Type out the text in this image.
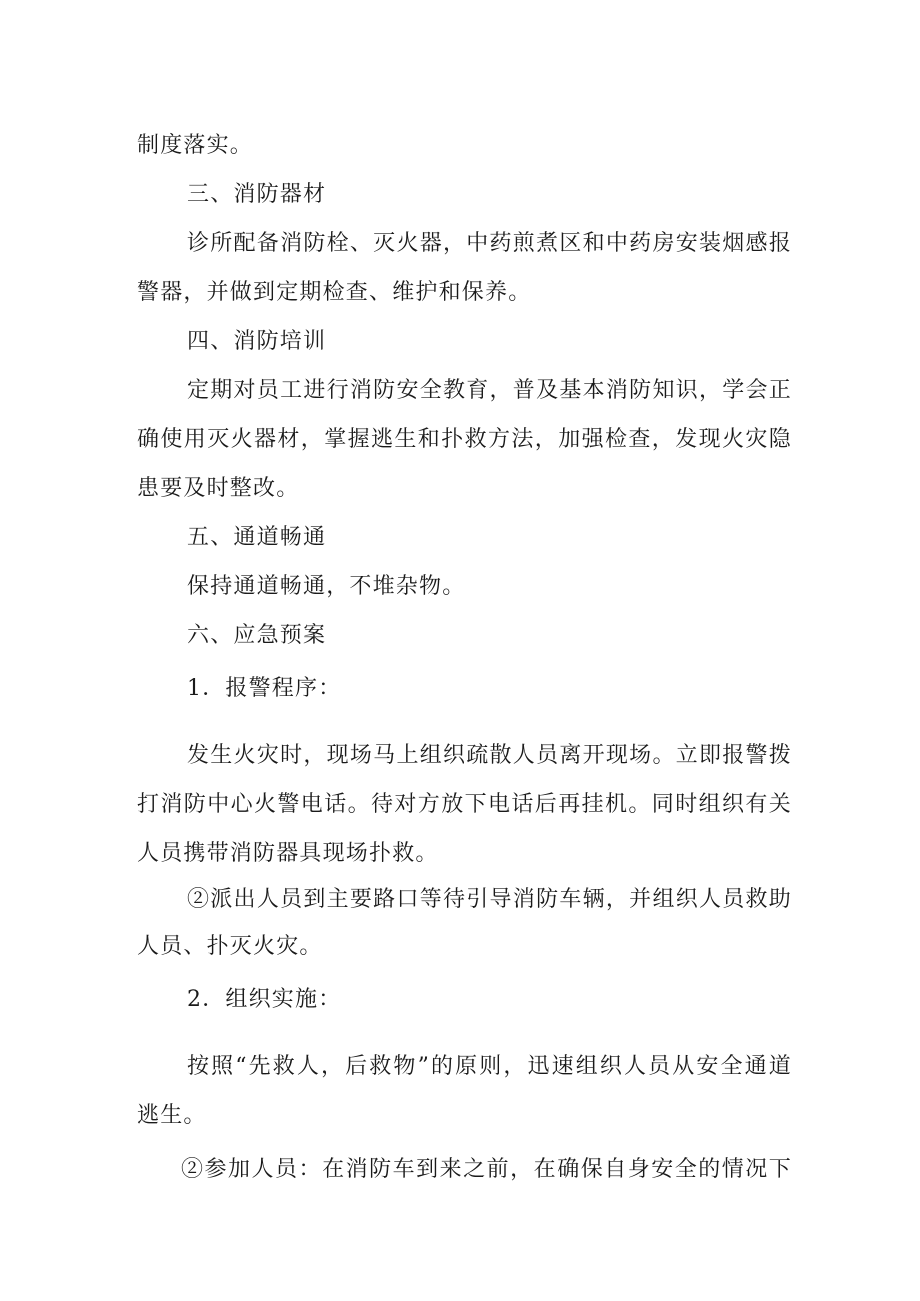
制度落实。
三、消防器材
诊所配备消防栓、灭火器，中药煎煮区和中药房安装烟感报
警器，并做到定期检查、维护和保养。
四、消防培训
定期对员工进行消防安全教育，普及基本消防知识，学会正
确使用灭火器材，掌握逃生和扑救方法，加强检查，发现火灾隐
患要及时整改。
五、通道畅通
保持通道畅通，不堆杂物。
六、应急预案
1．报警程序：
发生火灾时，现场马上组织疏散人员离开现场。立即报警拨
打消防中心火警电话。待对方放下电话后再挂机。同时组织有关
人员携带消防器具现场扑救。
②派出人员到主要路口等待引导消防车辆，并组织人员救助
人员、扑灭火灾。
2．组织实施：
按照“先救人，后救物”的原则，迅速组织人员从安全通道
逃生。
②参加人员：在消防车到来之前，在确保自身安全的情况下
